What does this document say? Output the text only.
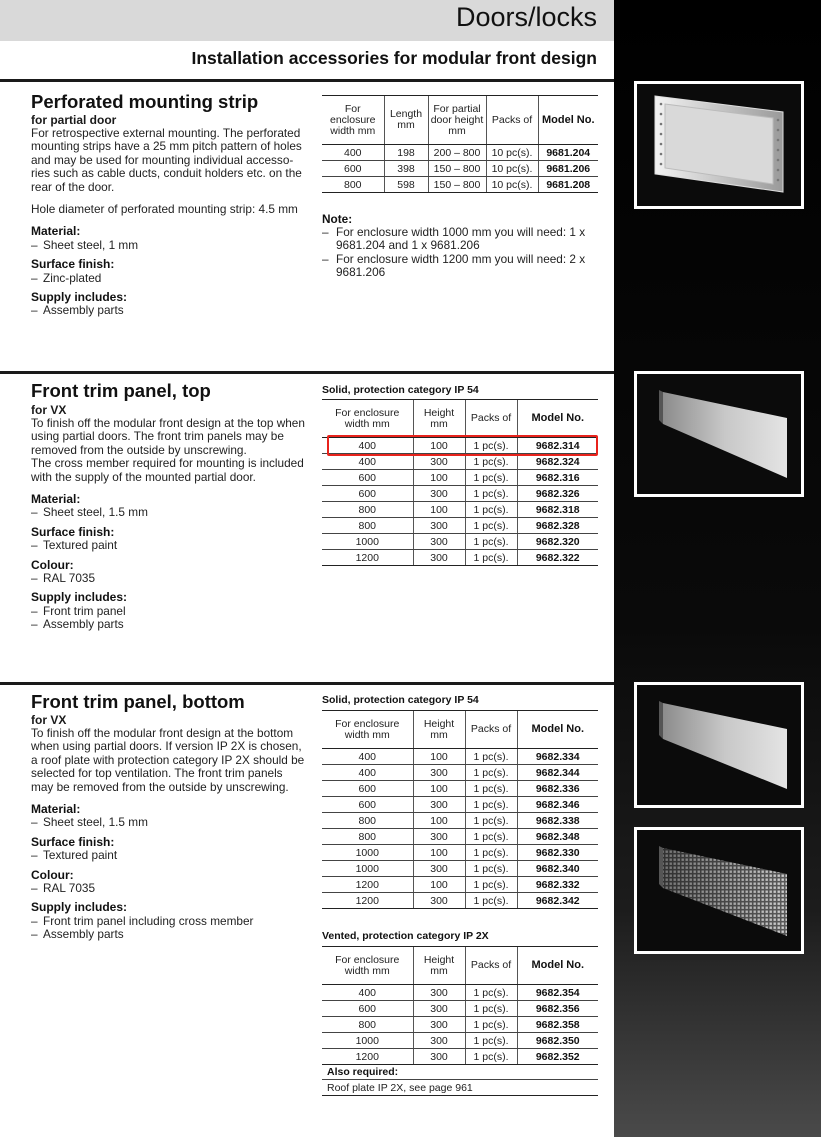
Doors/locks
Installation accessories for modular front design
Perforated mounting strip
for partial door

For retrospective external mounting. The perforated mounting strips have a 25 mm pitch pattern of holes and may be used for mounting individual accesso-ries such as cable ducts, conduit holders etc. on the rear of the door.

Hole diameter of perforated mounting strip: 4.5 mm

Material:
– Sheet steel, 1 mm
Surface finish:
– Zinc-plated
Supply includes:
– Assembly parts
For enclosure width mm	Length mm	For partial door height mm	Packs of	Model No.
400	198	200 – 800	10 pc(s).	9681.204
600	398	150 – 800	10 pc(s).	9681.206
800	598	150 – 800	10 pc(s).	9681.208
Note:
– For enclosure width 1000 mm you will need: 1 x 9681.204 and 1 x 9681.206
– For enclosure width 1200 mm you will need: 2 x 9681.206
Front trim panel, top
for VX
To finish off the modular front design at the top when using partial doors. The front trim panels may be removed from the outside by unscrewing.

The cross member required for mounting is included with the supply of the mounted partial door.

Material:
– Sheet steel, 1.5 mm
Surface finish:
– Textured paint
Colour:
– RAL 7035
Supply includes:
– Front trim panel
– Assembly parts
Solid, protection category IP 54
For enclosure width mm	Height mm	Packs of	Model No.
400	100	1 pc(s).	9682.314
400	300	1 pc(s).	9682.324
600	100	1 pc(s).	9682.316
600	300	1 pc(s).	9682.326
800	100	1 pc(s).	9682.318
800	300	1 pc(s).	9682.328
1000	300	1 pc(s).	9682.320
1200	300	1 pc(s).	9682.322
Front trim panel, bottom
for VX

To finish off the modular front design at the bottom when using partial doors. If version IP 2X is chosen, a roof plate with protection category IP 2X should be selected for top ventilation. The front trim panels may be removed from the outside by unscrewing.

Material:
– Sheet steel, 1.5 mm
Surface finish:
– Textured paint
Colour:
– RAL 7035
Supply includes:
– Front trim panel including cross member
– Assembly parts
Solid, protection category IP 54
For enclosure width mm	Height mm	Packs of	Model No.
400	100	1 pc(s).	9682.334
400	300	1 pc(s).	9682.344
600	100	1 pc(s).	9682.336
600	300	1 pc(s).	9682.346
800	100	1 pc(s).	9682.338
800	300	1 pc(s).	9682.348
1000	100	1 pc(s).	9682.330
1000	300	1 pc(s).	9682.340
1200	100	1 pc(s).	9682.332
1200	300	1 pc(s).	9682.342
Vented, protection category IP 2X
For enclosure width mm	Height mm	Packs of	Model No.
400	300	1 pc(s).	9682.354
600	300	1 pc(s).	9682.356
800	300	1 pc(s).	9682.358
1000	300	1 pc(s).	9682.350
1200	300	1 pc(s).	9682.352
Also required:
Roof plate IP 2X, see page 961
